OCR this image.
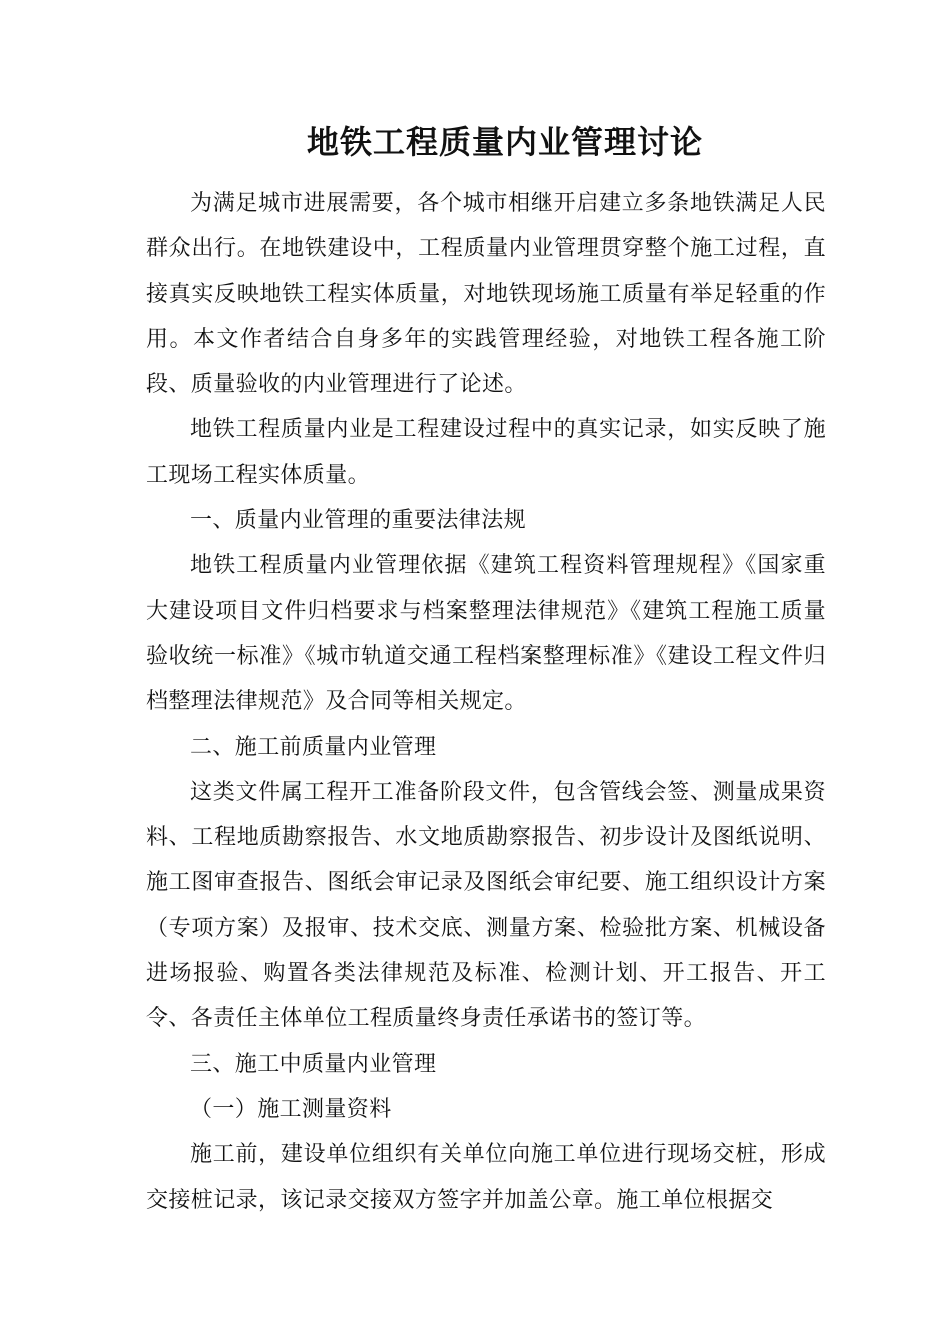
地铁工程质量内业管理讨论

为满足城市进展需要，各个城市相继开启建立多条地铁满足人民群众出行。在地铁建设中，工程质量内业管理贯穿整个施工过程，直接真实反映地铁工程实体质量，对地铁现场施工质量有举足轻重的作用。本文作者结合自身多年的实践管理经验，对地铁工程各施工阶段、质量验收的内业管理进行了论述。

地铁工程质量内业是工程建设过程中的真实记录，如实反映了施工现场工程实体质量。

一、质量内业管理的重要法律法规

地铁工程质量内业管理依据《建筑工程资料管理规程》《国家重大建设项目文件归档要求与档案整理法律规范》《建筑工程施工质量验收统一标准》《城市轨道交通工程档案整理标准》《建设工程文件归档整理法律规范》及合同等相关规定。

二、施工前质量内业管理

这类文件属工程开工准备阶段文件，包含管线会签、测量成果资料、工程地质勘察报告、水文地质勘察报告、初步设计及图纸说明、施工图审查报告、图纸会审记录及图纸会审纪要、施工组织设计方案（专项方案）及报审、技术交底、测量方案、检验批方案、机械设备进场报验、购置各类法律规范及标准、检测计划、开工报告、开工令、各责任主体单位工程质量终身责任承诺书的签订等。

三、施工中质量内业管理

（一）施工测量资料

施工前，建设单位组织有关单位向施工单位进行现场交桩，形成交接桩记录，该记录交接双方签字并加盖公章。施工单位根据交
